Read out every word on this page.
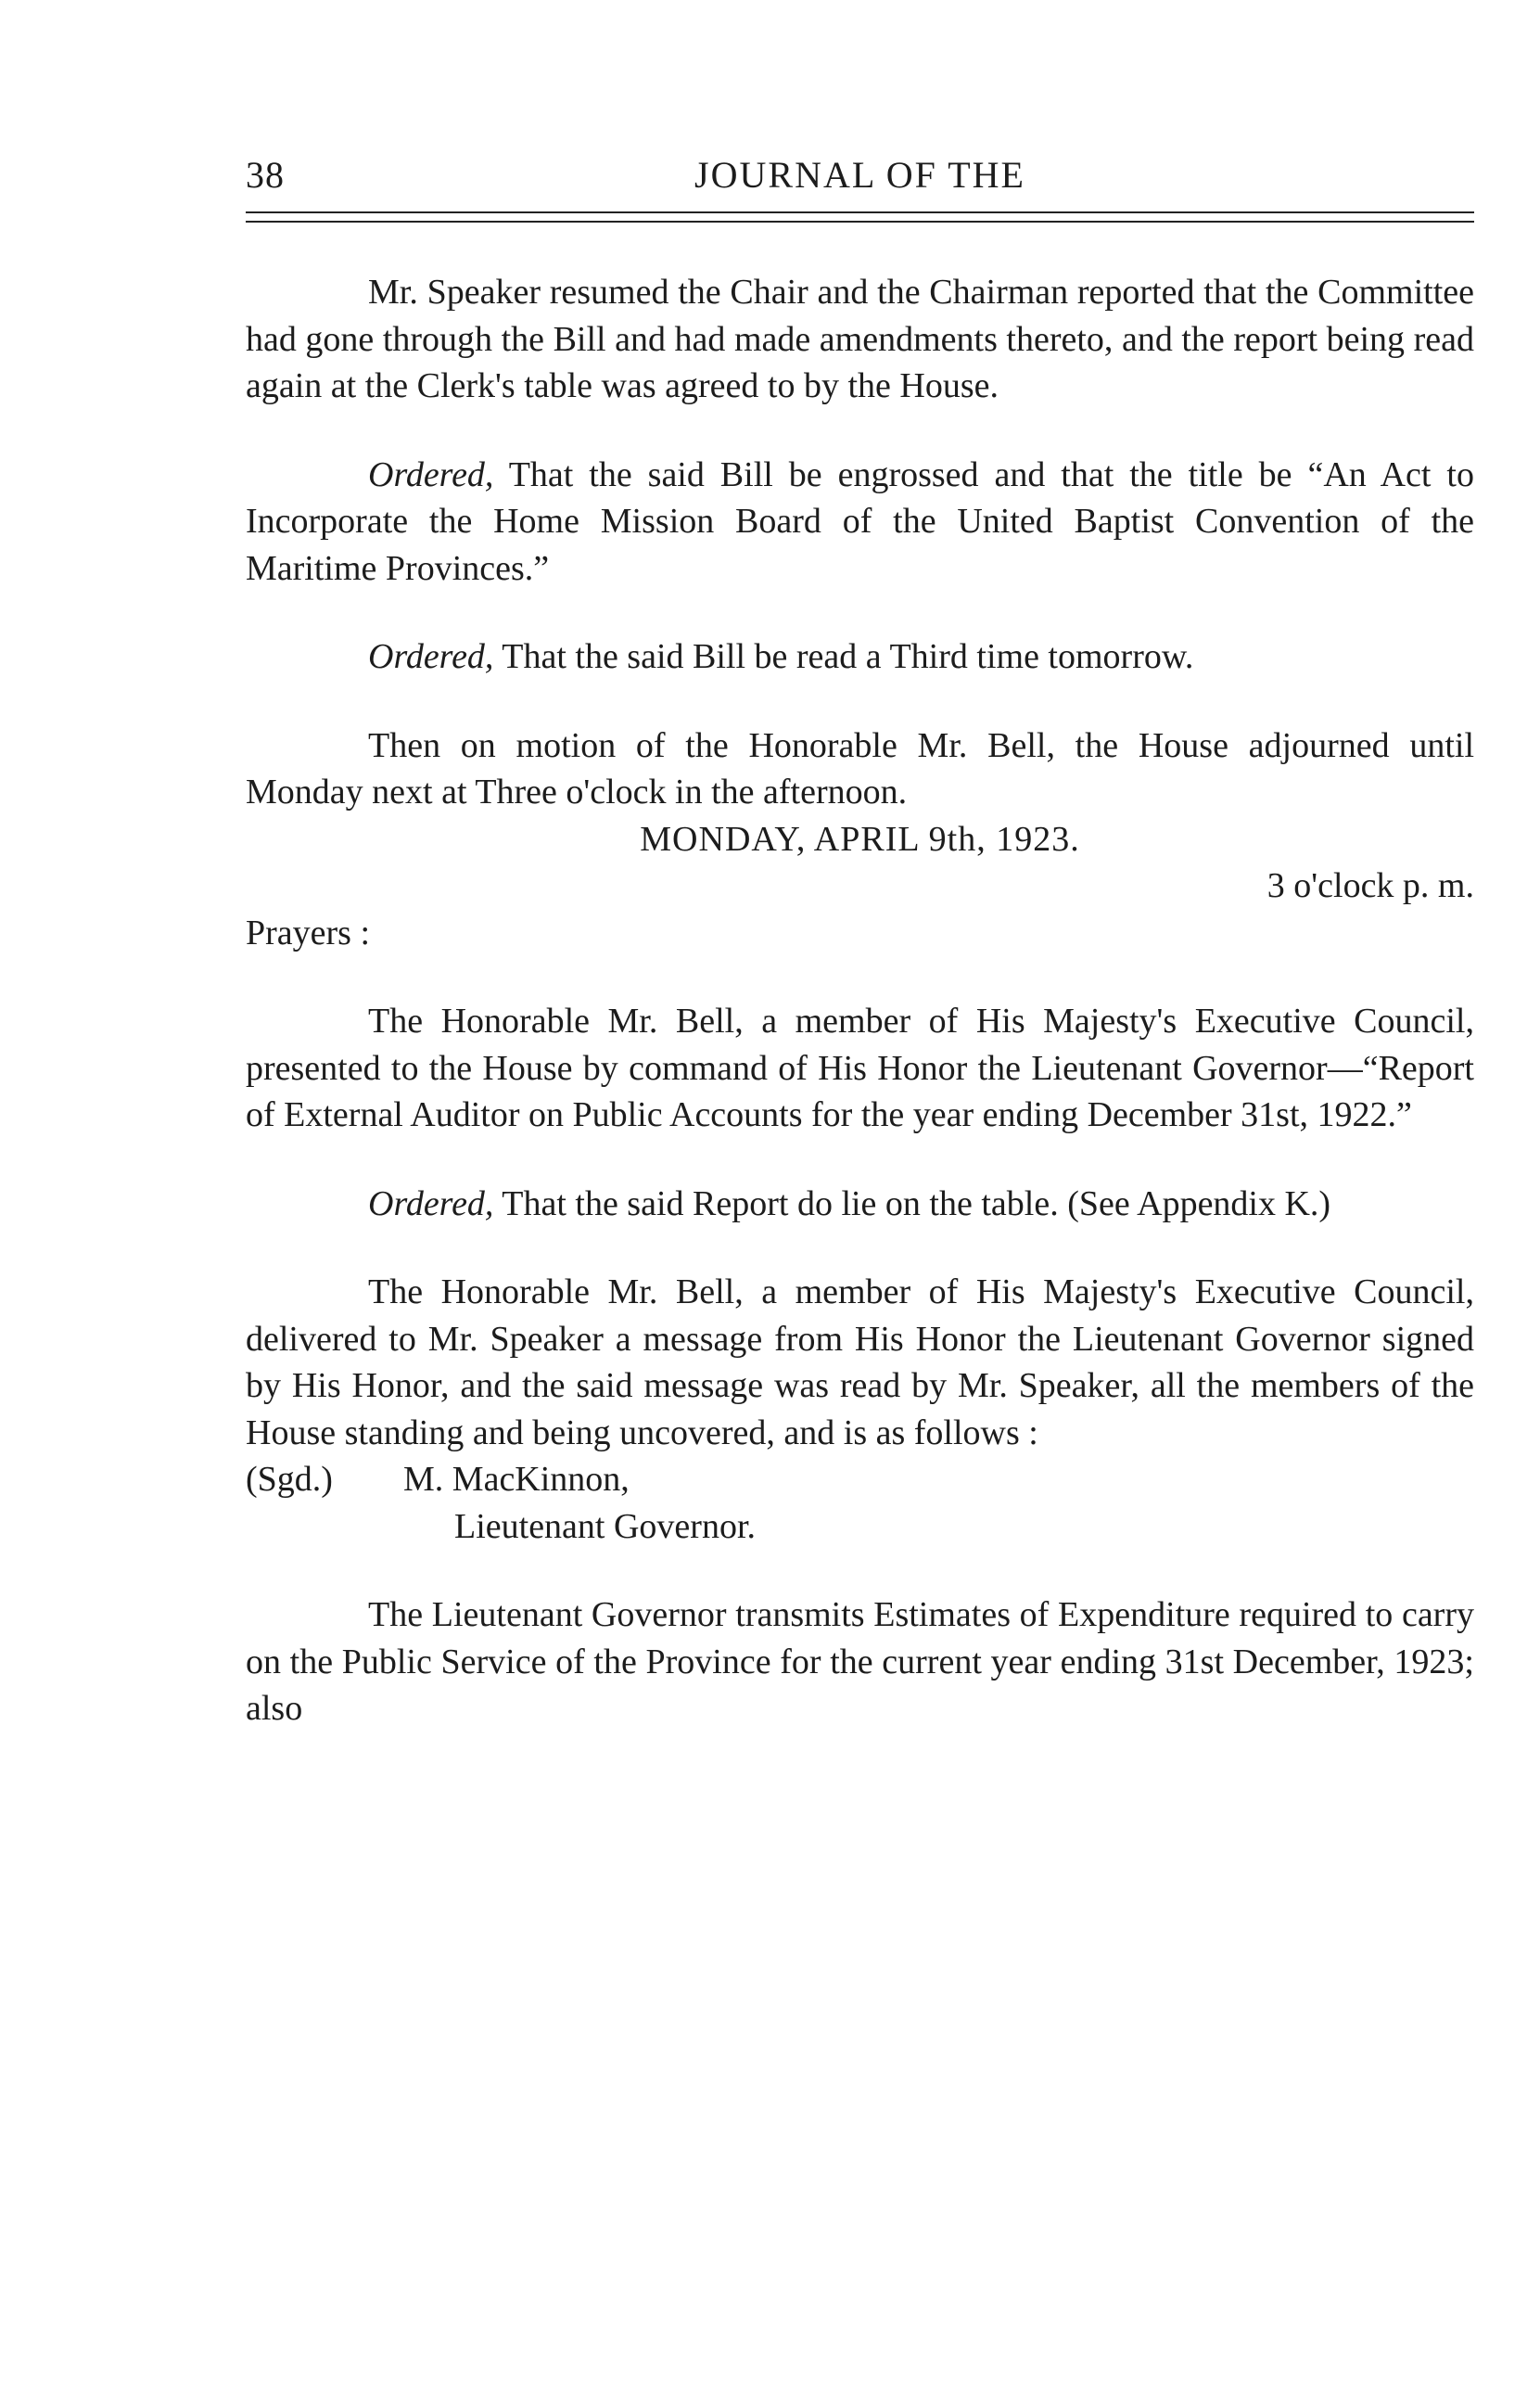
38	JOURNAL OF THE

Mr. Speaker resumed the Chair and the Chairman reported that the Committee had gone through the Bill and had made amendments thereto, and the report being read again at the Clerk's table was agreed to by the House.

Ordered, That the said Bill be engrossed and that the title be “An Act to Incorporate the Home Mission Board of the United Baptist Convention of the Maritime Provinces.”

Ordered, That the said Bill be read a Third time tomorrow.

Then on motion of the Honorable Mr. Bell, the House adjourned until Monday next at Three o'clock in the afternoon.

MONDAY, APRIL 9th, 1923.

3 o'clock p. m.

Prayers :

The Honorable Mr. Bell, a member of His Majesty's Executive Council, presented to the House by command of His Honor the Lieutenant Governor—“Report of External Auditor on Public Accounts for the year ending December 31st, 1922.”

Ordered, That the said Report do lie on the table. (See Appendix K.)

The Honorable Mr. Bell, a member of His Majesty's Executive Council, delivered to Mr. Speaker a message from His Honor the Lieutenant Governor signed by His Honor, and the said message was read by Mr. Speaker, all the members of the House standing and being uncovered, and is as follows :

(Sgd.)	M. MacKinnon,

Lieutenant Governor.

The Lieutenant Governor transmits Estimates of Expenditure required to carry on the Public Service of the Province for the current year ending 31st December, 1923; also
